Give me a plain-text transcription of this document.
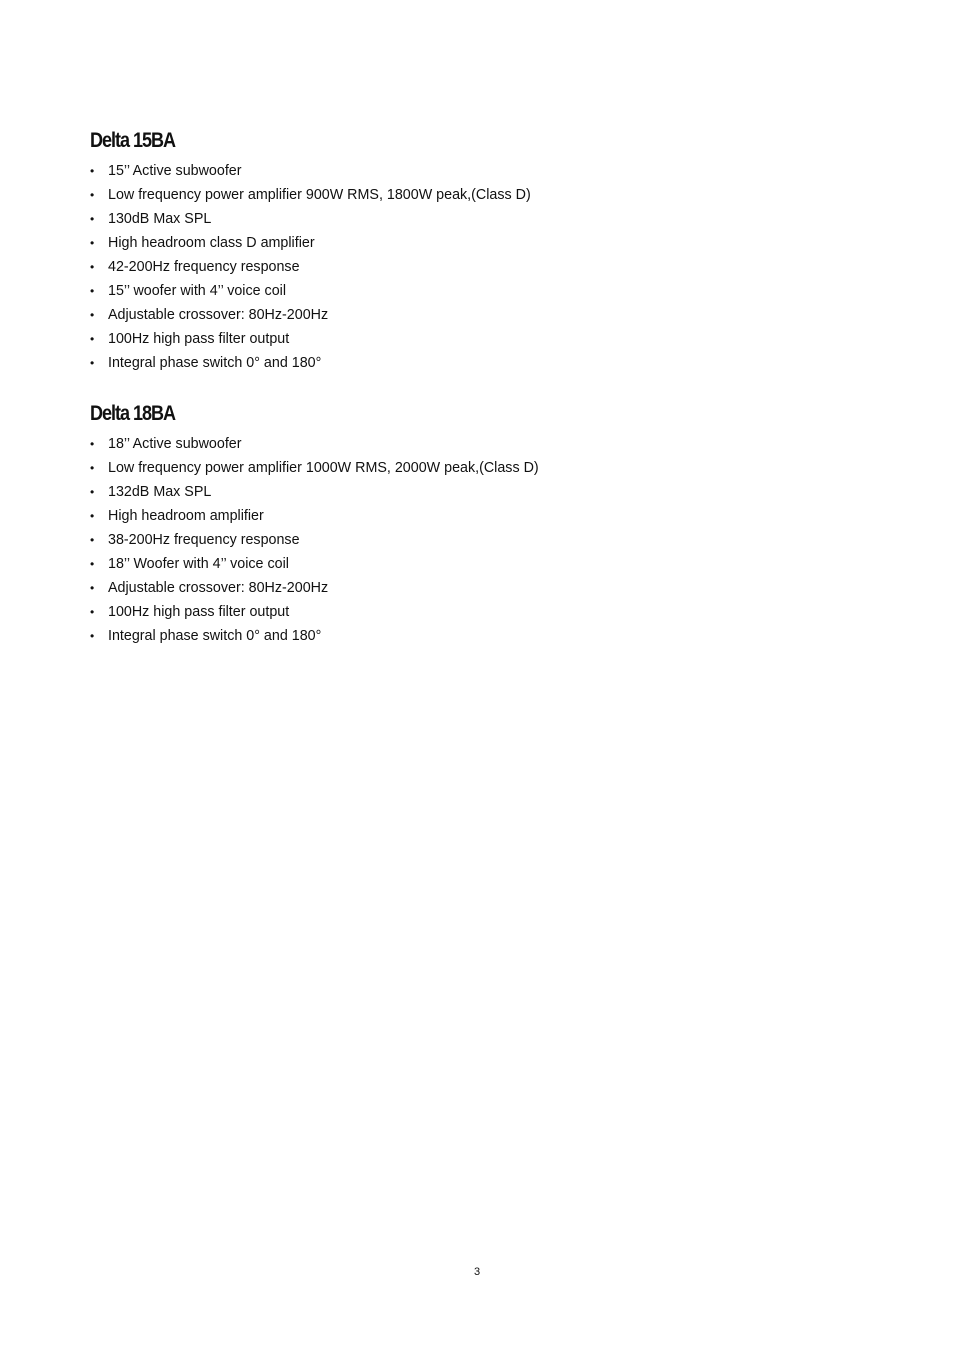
Delta 15BA
• 15’’ Active subwoofer
• Low frequency power amplifier 900W RMS, 1800W peak,(Class D)
• 130dB Max SPL
• High headroom class D amplifier
• 42-200Hz frequency response
• 15’’ woofer with 4’’ voice coil
• Adjustable crossover: 80Hz-200Hz
• 100Hz high pass filter output
• Integral phase switch 0° and 180°
Delta 18BA
• 18’’ Active subwoofer
• Low frequency power amplifier 1000W RMS, 2000W peak,(Class D)
• 132dB Max SPL
• High headroom amplifier
• 38-200Hz frequency response
• 18’’ Woofer with 4’’ voice coil
• Adjustable crossover: 80Hz-200Hz
• 100Hz high pass filter output
• Integral phase switch 0° and 180°
3
